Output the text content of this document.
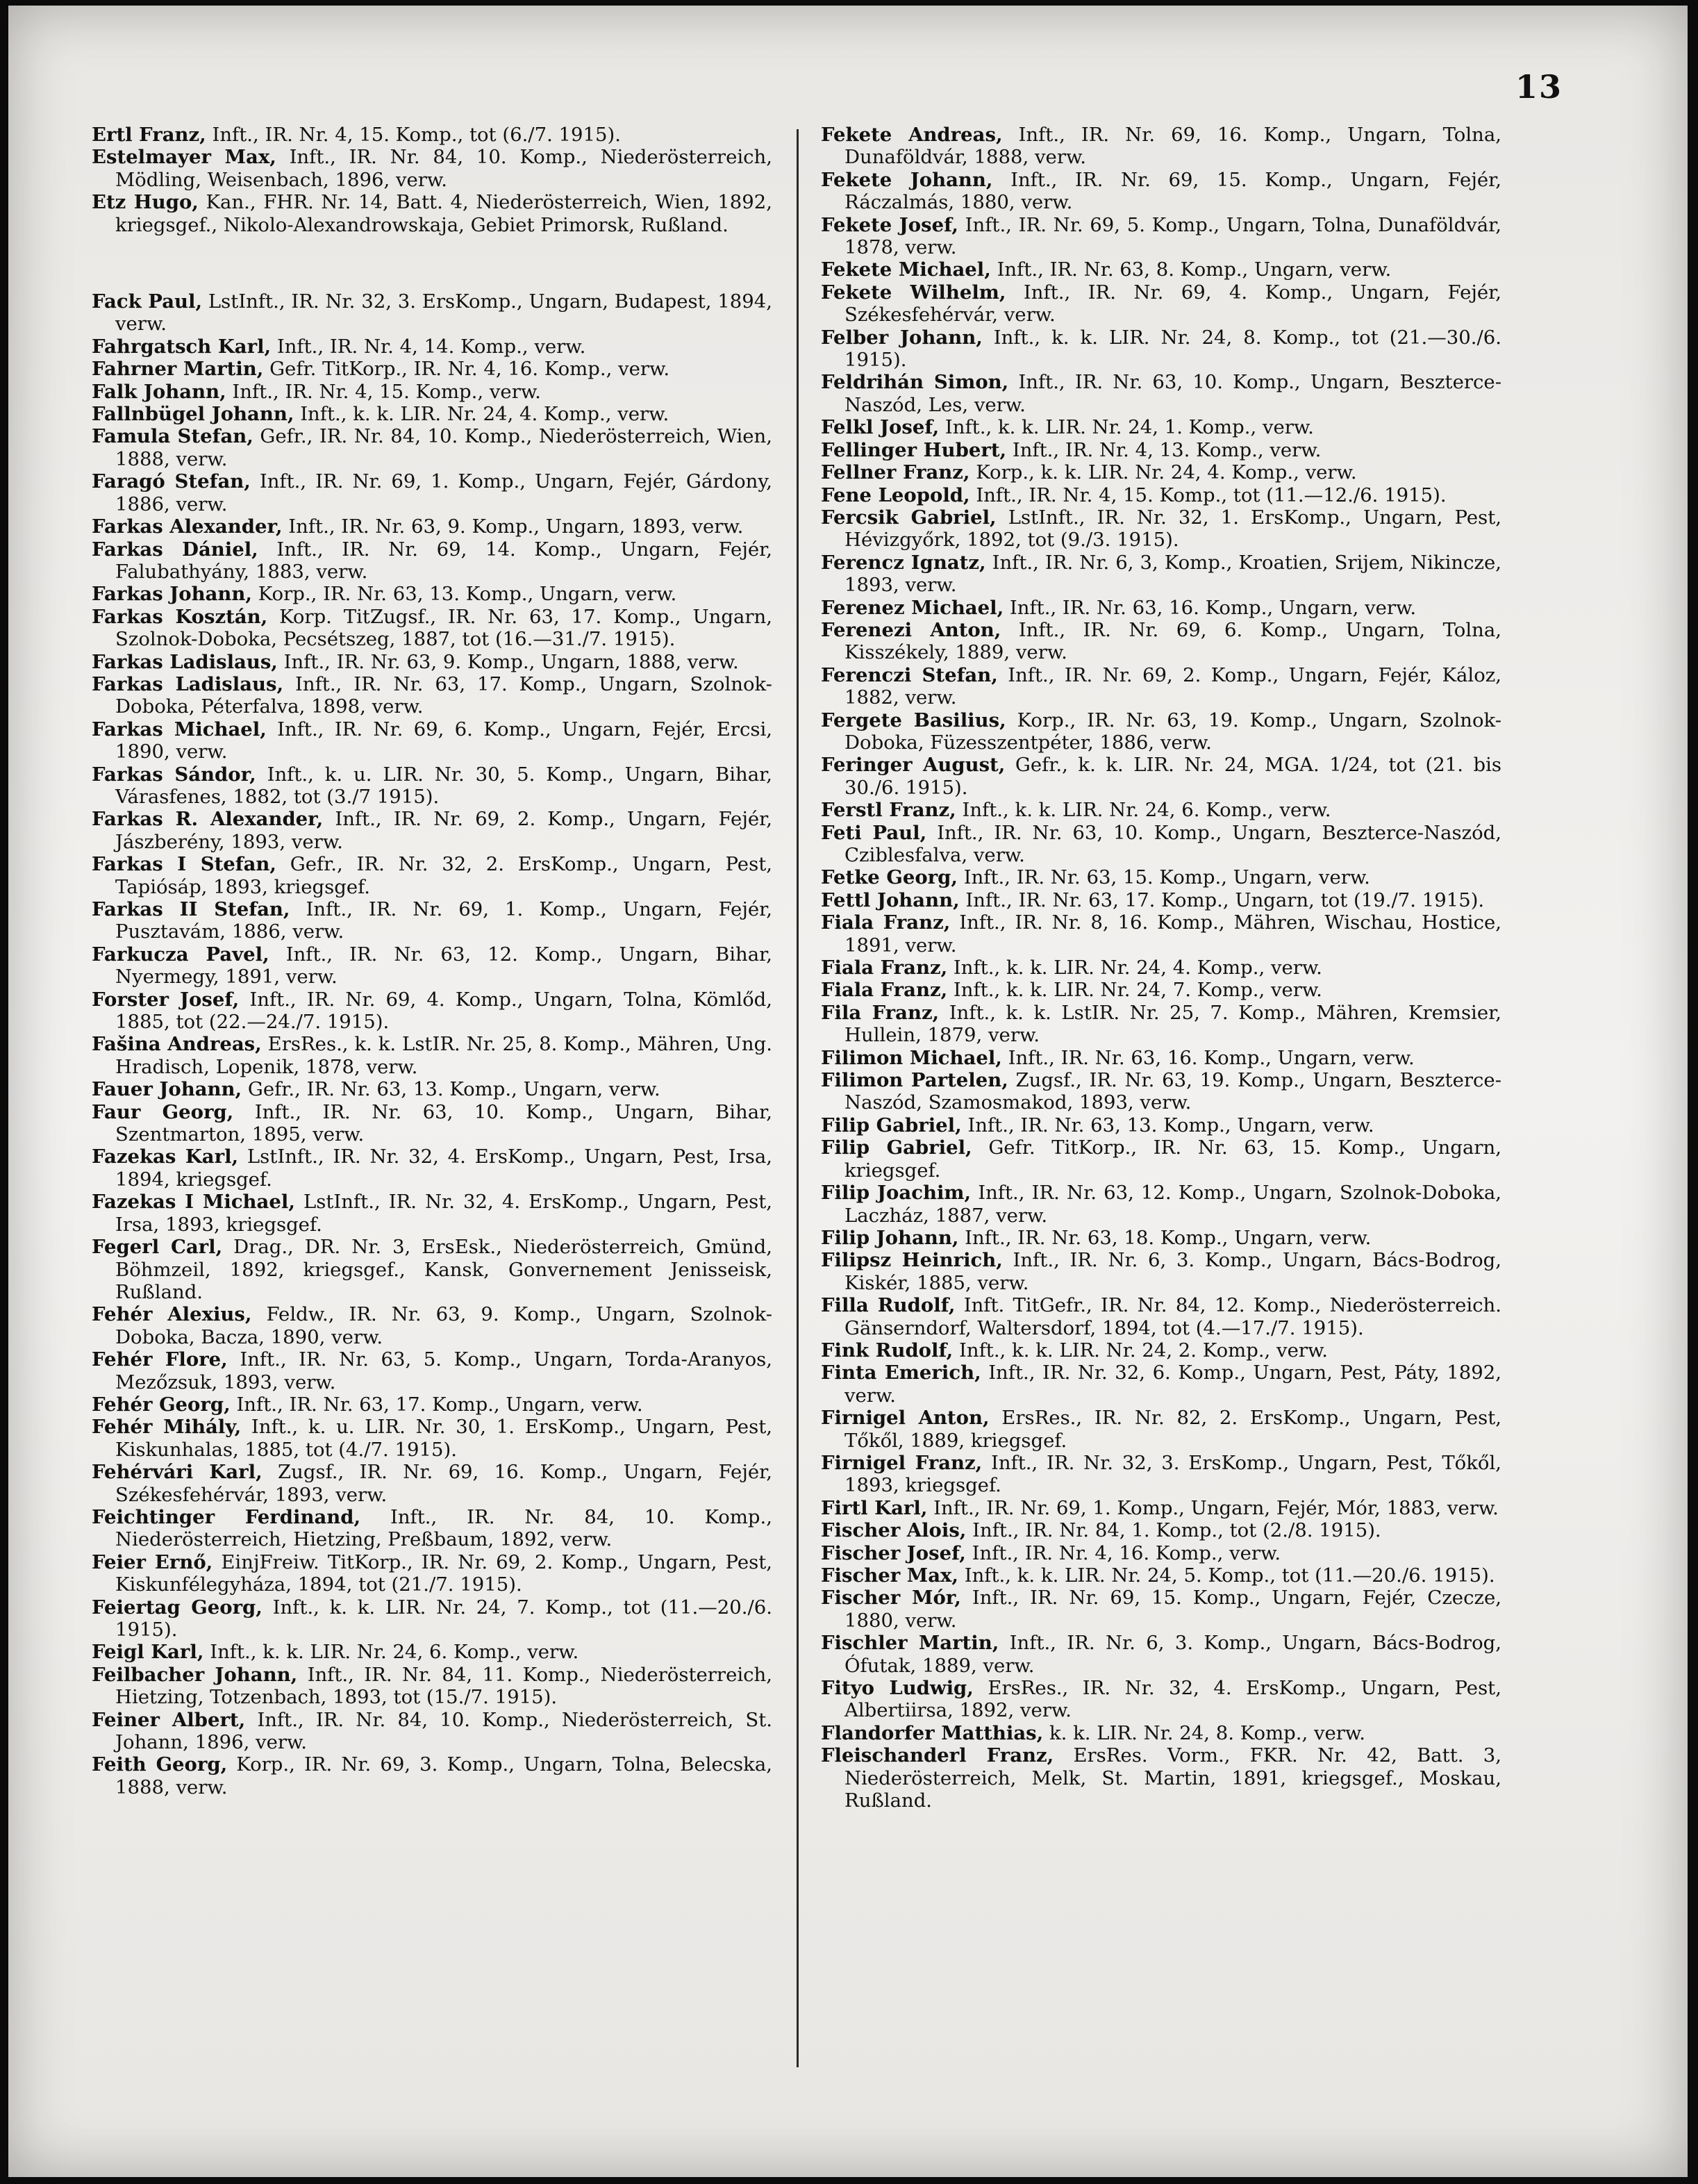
13

Ertl Franz, Inft., IR. Nr. 4, 15. Komp., tot (6./7. 1915).

Estelmayer Max, Inft., IR. Nr. 84, 10. Komp., Niederösterreich, Mödling, Weisenbach, 1896, verw.

Etz Hugo, Kan., FHR. Nr. 14, Batt. 4, Niederösterreich, Wien, 1892, kriegsgef., Nikolo-Alexandrowskaja, Gebiet Primorsk, Rußland.

Fack Paul, LstInft., IR. Nr. 32, 3. ErsKomp., Ungarn, Budapest, 1894, verw.

Fahrgatsch Karl, Inft., IR. Nr. 4, 14. Komp., verw.

Fahrner Martin, Gefr. TitKorp., IR. Nr. 4, 16. Komp., verw.

Falk Johann, Inft., IR. Nr. 4, 15. Komp., verw.

Fallnbügel Johann, Inft., k. k. LIR. Nr. 24, 4. Komp., verw.

Famula Stefan, Gefr., IR. Nr. 84, 10. Komp., Niederösterreich, Wien, 1888, verw.

Faragó Stefan, Inft., IR. Nr. 69, 1. Komp., Ungarn, Fejér, Gárdony, 1886, verw.

Farkas Alexander, Inft., IR. Nr. 63, 9. Komp., Ungarn, 1893, verw.

Farkas Dániel, Inft., IR. Nr. 69, 14. Komp., Ungarn, Fejér, Falubathyány, 1883, verw.

Farkas Johann, Korp., IR. Nr. 63, 13. Komp., Ungarn, verw.

Farkas Kosztán, Korp. TitZugsf., IR. Nr. 63, 17. Komp., Ungarn, Szolnok-Doboka, Pecsétszeg, 1887, tot (16.—31./7. 1915).

Farkas Ladislaus, Inft., IR. Nr. 63, 9. Komp., Ungarn, 1888, verw.

Farkas Ladislaus, Inft., IR. Nr. 63, 17. Komp., Ungarn, Szolnok-Doboka, Péterfalva, 1898, verw.

Farkas Michael, Inft., IR. Nr. 69, 6. Komp., Ungarn, Fejér, Ercsi, 1890, verw.

Farkas Sándor, Inft., k. u. LIR. Nr. 30, 5. Komp., Ungarn, Bihar, Várasfenes, 1882, tot (3./7 1915).

Farkas R. Alexander, Inft., IR. Nr. 69, 2. Komp., Ungarn, Fejér, Jászberény, 1893, verw.

Farkas I Stefan, Gefr., IR. Nr. 32, 2. ErsKomp., Ungarn, Pest, Tapiósáp, 1893, kriegsgef.

Farkas II Stefan, Inft., IR. Nr. 69, 1. Komp., Ungarn, Fejér, Pusztavám, 1886, verw.

Farkucza Pavel, Inft., IR. Nr. 63, 12. Komp., Ungarn, Bihar, Nyermegy, 1891, verw.

Forster Josef, Inft., IR. Nr. 69, 4. Komp., Ungarn, Tolna, Kömlőd, 1885, tot (22.—24./7. 1915).

Fašina Andreas, ErsRes., k. k. LstIR. Nr. 25, 8. Komp., Mähren, Ung. Hradisch, Lopenik, 1878, verw.

Fauer Johann, Gefr., IR. Nr. 63, 13. Komp., Ungarn, verw.

Faur Georg, Inft., IR. Nr. 63, 10. Komp., Ungarn, Bihar, Szentmarton, 1895, verw.

Fazekas Karl, LstInft., IR. Nr. 32, 4. ErsKomp., Ungarn, Pest, Irsa, 1894, kriegsgef.

Fazekas I Michael, LstInft., IR. Nr. 32, 4. ErsKomp., Ungarn, Pest, Irsa, 1893, kriegsgef.

Fegerl Carl, Drag., DR. Nr. 3, ErsEsk., Niederösterreich, Gmünd, Böhmzeil, 1892, kriegsgef., Kansk, Gonvernement Jenisseisk, Rußland.

Fehér Alexius, Feldw., IR. Nr. 63, 9. Komp., Ungarn, Szolnok-Doboka, Bacza, 1890, verw.

Fehér Flore, Inft., IR. Nr. 63, 5. Komp., Ungarn, Torda-Aranyos, Mezőzsuk, 1893, verw.

Fehér Georg, Inft., IR. Nr. 63, 17. Komp., Ungarn, verw.

Fehér Mihály, Inft., k. u. LIR. Nr. 30, 1. ErsKomp., Ungarn, Pest, Kiskunhalas, 1885, tot (4./7. 1915).

Fehérvári Karl, Zugsf., IR. Nr. 69, 16. Komp., Ungarn, Fejér, Székesfehérvár, 1893, verw.

Feichtinger Ferdinand, Inft., IR. Nr. 84, 10. Komp., Niederösterreich, Hietzing, Preßbaum, 1892, verw.

Feier Ernő, EinjFreiw. TitKorp., IR. Nr. 69, 2. Komp., Ungarn, Pest, Kiskunfélegyháza, 1894, tot (21./7. 1915).

Feiertag Georg, Inft., k. k. LIR. Nr. 24, 7. Komp., tot (11.—20./6. 1915).

Feigl Karl, Inft., k. k. LIR. Nr. 24, 6. Komp., verw.

Feilbacher Johann, Inft., IR. Nr. 84, 11. Komp., Niederösterreich, Hietzing, Totzenbach, 1893, tot (15./7. 1915).

Feiner Albert, Inft., IR. Nr. 84, 10. Komp., Niederösterreich, St. Johann, 1896, verw.

Feith Georg, Korp., IR. Nr. 69, 3. Komp., Ungarn, Tolna, Belecska, 1888, verw.

Fekete Andreas, Inft., IR. Nr. 69, 16. Komp., Ungarn, Tolna, Dunaföldvár, 1888, verw.

Fekete Johann, Inft., IR. Nr. 69, 15. Komp., Ungarn, Fejér, Ráczalmás, 1880, verw.

Fekete Josef, Inft., IR. Nr. 69, 5. Komp., Ungarn, Tolna, Dunaföldvár, 1878, verw.

Fekete Michael, Inft., IR. Nr. 63, 8. Komp., Ungarn, verw.

Fekete Wilhelm, Inft., IR. Nr. 69, 4. Komp., Ungarn, Fejér, Székesfehérvár, verw.

Felber Johann, Inft., k. k. LIR. Nr. 24, 8. Komp., tot (21.—30./6. 1915).

Feldrihán Simon, Inft., IR. Nr. 63, 10. Komp., Ungarn, Beszterce-Naszód, Les, verw.

Felkl Josef, Inft., k. k. LIR. Nr. 24, 1. Komp., verw.

Fellinger Hubert, Inft., IR. Nr. 4, 13. Komp., verw.

Fellner Franz, Korp., k. k. LIR. Nr. 24, 4. Komp., verw.

Fene Leopold, Inft., IR. Nr. 4, 15. Komp., tot (11.—12./6. 1915).

Fercsik Gabriel, LstInft., IR. Nr. 32, 1. ErsKomp., Ungarn, Pest, Hévizgyőrk, 1892, tot (9./3. 1915).

Ferencz Ignatz, Inft., IR. Nr. 6, 3, Komp., Kroatien, Srijem, Nikincze, 1893, verw.

Ferenez Michael, Inft., IR. Nr. 63, 16. Komp., Ungarn, verw.

Ferenezi Anton, Inft., IR. Nr. 69, 6. Komp., Ungarn, Tolna, Kisszékely, 1889, verw.

Ferenczi Stefan, Inft., IR. Nr. 69, 2. Komp., Ungarn, Fejér, Káloz, 1882, verw.

Fergete Basilius, Korp., IR. Nr. 63, 19. Komp., Ungarn, Szolnok-Doboka, Füzesszentpéter, 1886, verw.

Feringer August, Gefr., k. k. LIR. Nr. 24, MGA. 1/24, tot (21. bis 30./6. 1915).

Ferstl Franz, Inft., k. k. LIR. Nr. 24, 6. Komp., verw.

Feti Paul, Inft., IR. Nr. 63, 10. Komp., Ungarn, Beszterce-Naszód, Cziblesfalva, verw.

Fetke Georg, Inft., IR. Nr. 63, 15. Komp., Ungarn, verw.

Fettl Johann, Inft., IR. Nr. 63, 17. Komp., Ungarn, tot (19./7. 1915).

Fiala Franz, Inft., IR. Nr. 8, 16. Komp., Mähren, Wischau, Hostice, 1891, verw.

Fiala Franz, Inft., k. k. LIR. Nr. 24, 4. Komp., verw.

Fiala Franz, Inft., k. k. LIR. Nr. 24, 7. Komp., verw.

Fila Franz, Inft., k. k. LstIR. Nr. 25, 7. Komp., Mähren, Kremsier, Hullein, 1879, verw.

Filimon Michael, Inft., IR. Nr. 63, 16. Komp., Ungarn, verw.

Filimon Partelen, Zugsf., IR. Nr. 63, 19. Komp., Ungarn, Beszterce-Naszód, Szamosmakod, 1893, verw.

Filip Gabriel, Inft., IR. Nr. 63, 13. Komp., Ungarn, verw.

Filip Gabriel, Gefr. TitKorp., IR. Nr. 63, 15. Komp., Ungarn, kriegsgef.

Filip Joachim, Inft., IR. Nr. 63, 12. Komp., Ungarn, Szolnok-Doboka, Laczház, 1887, verw.

Filip Johann, Inft., IR. Nr. 63, 18. Komp., Ungarn, verw.

Filipsz Heinrich, Inft., IR. Nr. 6, 3. Komp., Ungarn, Bács-Bodrog, Kiskér, 1885, verw.

Filla Rudolf, Inft. TitGefr., IR. Nr. 84, 12. Komp., Niederösterreich. Gänserndorf, Waltersdorf, 1894, tot (4.—17./7. 1915).

Fink Rudolf, Inft., k. k. LIR. Nr. 24, 2. Komp., verw.

Finta Emerich, Inft., IR. Nr. 32, 6. Komp., Ungarn, Pest, Páty, 1892, verw.

Firnigel Anton, ErsRes., IR. Nr. 82, 2. ErsKomp., Ungarn, Pest, Tőkől, 1889, kriegsgef.

Firnigel Franz, Inft., IR. Nr. 32, 3. ErsKomp., Ungarn, Pest, Tőkől, 1893, kriegsgef.

Firtl Karl, Inft., IR. Nr. 69, 1. Komp., Ungarn, Fejér, Mór, 1883, verw.

Fischer Alois, Inft., IR. Nr. 84, 1. Komp., tot (2./8. 1915).

Fischer Josef, Inft., IR. Nr. 4, 16. Komp., verw.

Fischer Max, Inft., k. k. LIR. Nr. 24, 5. Komp., tot (11.—20./6. 1915).

Fischer Mór, Inft., IR. Nr. 69, 15. Komp., Ungarn, Fejér, Czecze, 1880, verw.

Fischler Martin, Inft., IR. Nr. 6, 3. Komp., Ungarn, Bács-Bodrog, Ófutak, 1889, verw.

Fityo Ludwig, ErsRes., IR. Nr. 32, 4. ErsKomp., Ungarn, Pest, Albertiirsa, 1892, verw.

Flandorfer Matthias, k. k. LIR. Nr. 24, 8. Komp., verw.

Fleischanderl Franz, ErsRes. Vorm., FKR. Nr. 42, Batt. 3, Niederösterreich, Melk, St. Martin, 1891, kriegsgef., Moskau, Rußland.
